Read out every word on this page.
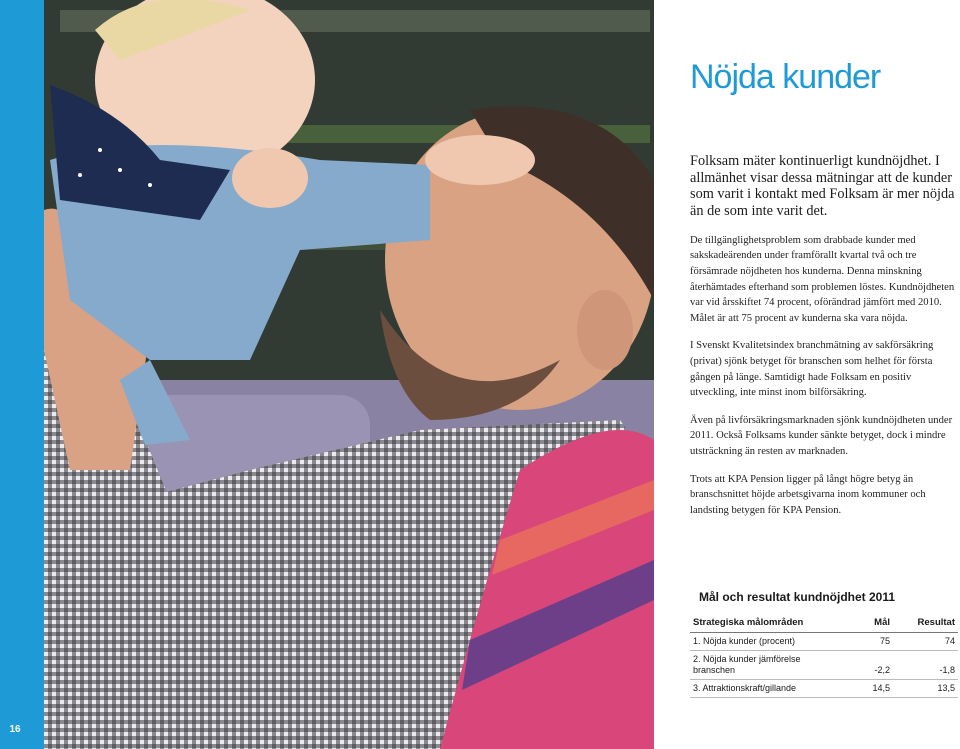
16
Nöjda kunder

Folksam mäter kontinuerligt kundnöjdhet. I allmänhet visar dessa mätningar att de kunder som varit i kontakt med Folksam är mer nöjda än de som inte varit det.

De tillgänglighetsproblem som drabbade kunder med sakskadeärenden under framförallt kvartal två och tre försämrade nöjdheten hos kunderna. Denna minskning återhämtades efterhand som problemen löstes. Kundnöjdheten var vid årsskiftet 74 procent, oförändrad jämfört med 2010. Målet är att 75 procent av kunderna ska vara nöjda.

I Svenskt Kvalitetsindex branchmätning av sakförsäkring (privat) sjönk betyget för branschen som helhet för första gången på länge. Samtidigt hade Folksam en positiv utveckling, inte minst inom bilförsäkring.

Även på livförsäkringsmarknaden sjönk kundnöjdheten under 2011. Också Folksams kunder sänkte betyget, dock i mindre utsträckning än resten av marknaden.

Trots att KPA Pension ligger på långt högre betyg än branschsnittet höjde arbetsgivarna inom kommuner och landsting betygen för KPA Pension.

Mål och resultat kundnöjdhet 2011
Strategiska målområden	Mål	Resultat
1. Nöjda kunder (procent)	75	74
2. Nöjda kunder jämförelse branschen	-2,2	-1,8
3. Attraktionskraft/gillande	14,5	13,5
